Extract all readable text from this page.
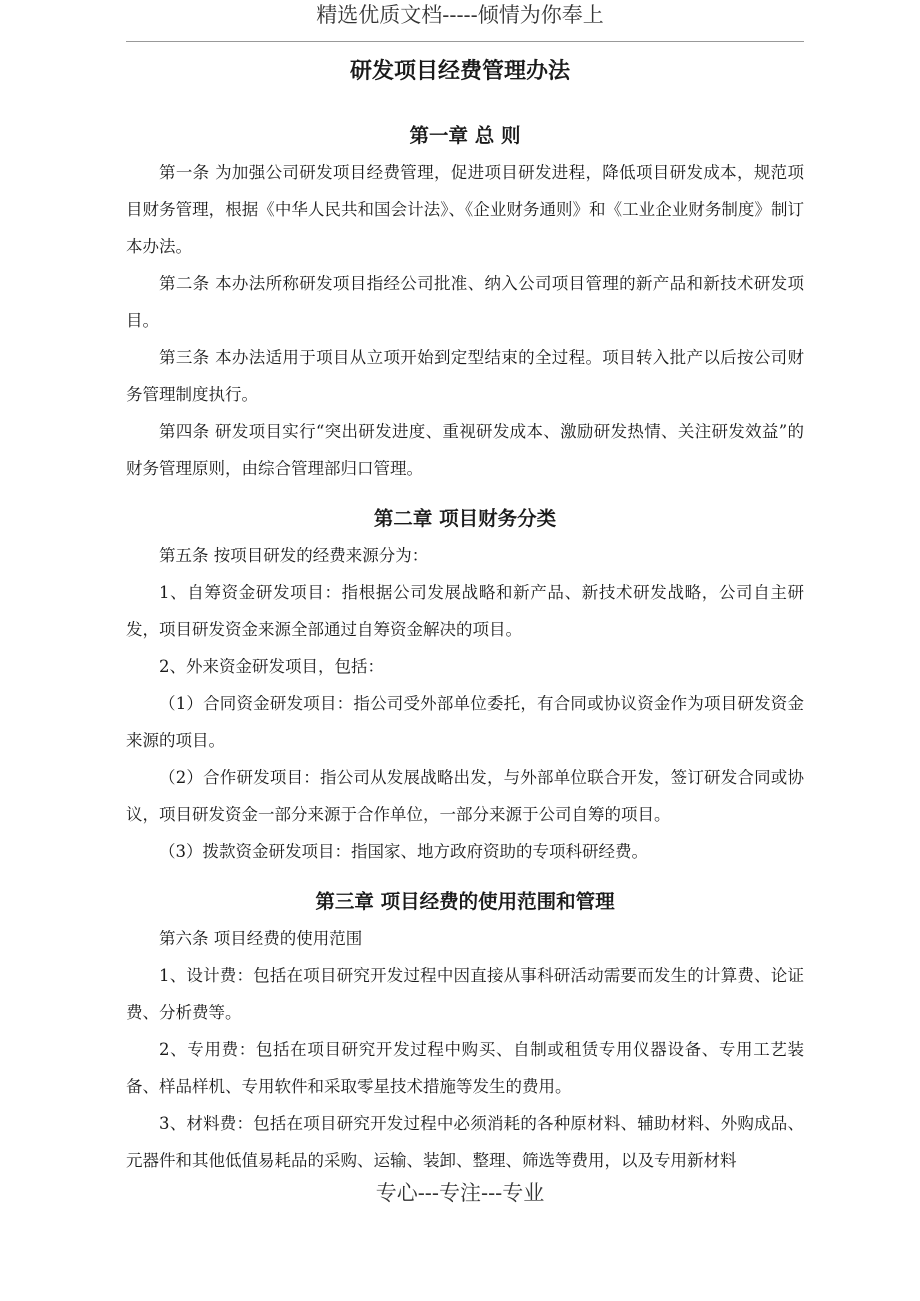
精选优质文档-----倾情为你奉上
研发项目经费管理办法
第一章 总 则

第一条 为加强公司研发项目经费管理，促进项目研发进程，降低项目研发成本，规范项目财务管理，根据《中华人民共和国会计法》、《企业财务通则》和《工业企业财务制度》制订本办法。

第二条 本办法所称研发项目指经公司批准、纳入公司项目管理的新产品和新技术研发项目。

第三条 本办法适用于项目从立项开始到定型结束的全过程。项目转入批产以后按公司财务管理制度执行。

第四条 研发项目实行“突出研发进度、重视研发成本、激励研发热情、关注研发效益”的财务管理原则，由综合管理部归口管理。

第二章 项目财务分类

第五条 按项目研发的经费来源分为：

1、自筹资金研发项目：指根据公司发展战略和新产品、新技术研发战略，公司自主研发，项目研发资金来源全部通过自筹资金解决的项目。

2、外来资金研发项目，包括：

（1）合同资金研发项目：指公司受外部单位委托，有合同或协议资金作为项目研发资金来源的项目。

（2）合作研发项目：指公司从发展战略出发，与外部单位联合开发，签订研发合同或协议，项目研发资金一部分来源于合作单位，一部分来源于公司自筹的项目。

（3）拨款资金研发项目：指国家、地方政府资助的专项科研经费。

第三章 项目经费的使用范围和管理

第六条 项目经费的使用范围

1、设计费：包括在项目研究开发过程中因直接从事科研活动需要而发生的计算费、论证费、分析费等。

2、专用费：包括在项目研究开发过程中购买、自制或租赁专用仪器设备、专用工艺装备、样品样机、专用软件和采取零星技术措施等发生的费用。

3、材料费：包括在项目研究开发过程中必须消耗的各种原材料、辅助材料、外购成品、元器件和其他低值易耗品的采购、运输、装卸、整理、筛选等费用，以及专用新材料

专心---专注---专业
